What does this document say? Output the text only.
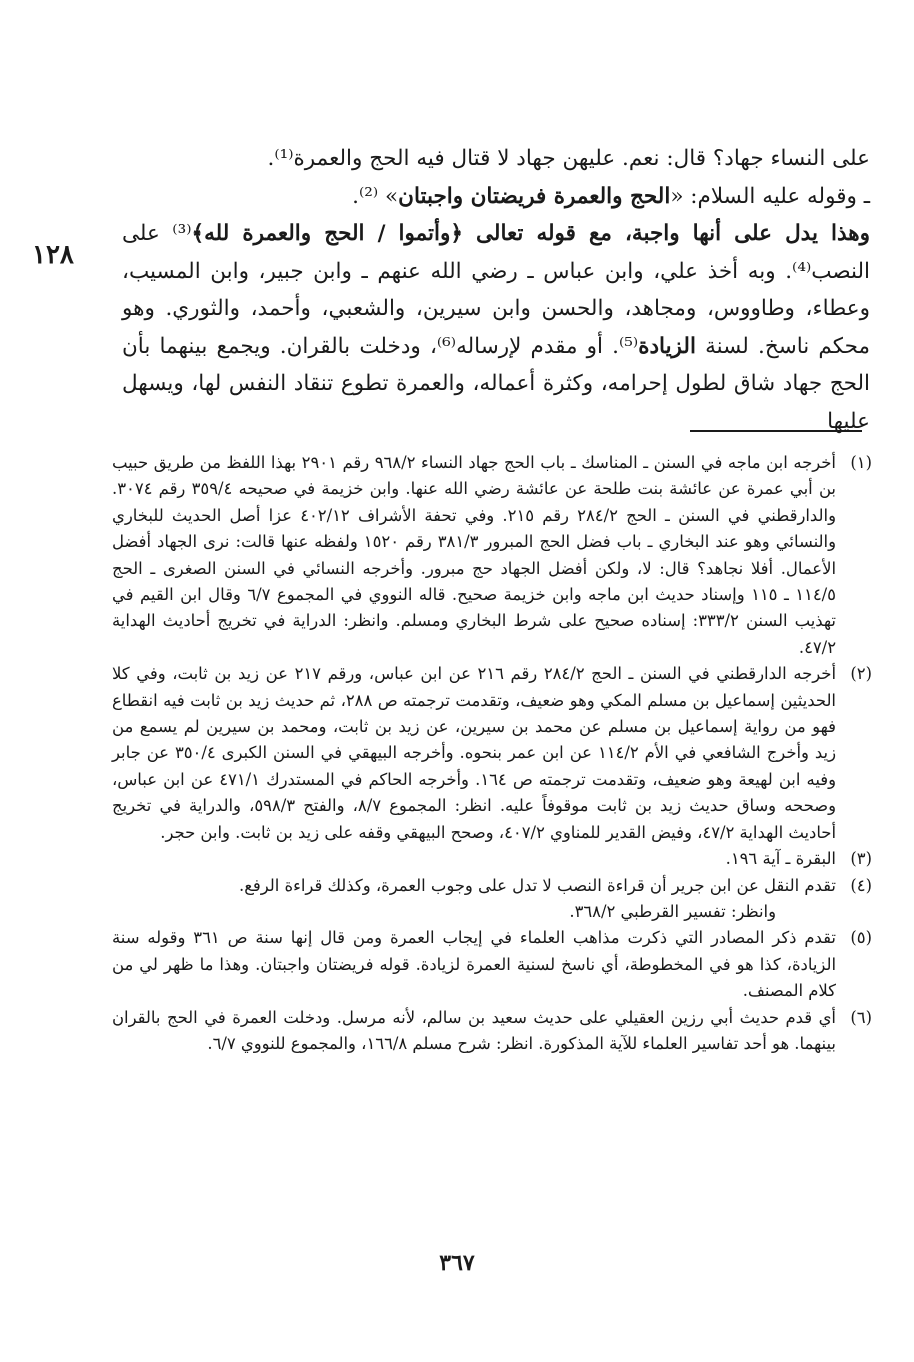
١٢٨

على النساء جهاد؟ قال: نعم. عليهن جهاد لا قتال فيه الحج والعمرة⁽¹⁾.

ـ وقوله عليه السلام: «الحج والعمرة فريضتان واجبتان» ⁽²⁾.

وهذا يدل على أنها واجبة، مع قوله تعالى ﴿وأتموا / الحج والعمرة لله﴾⁽³⁾ على النصب⁽⁴⁾. وبه أخذ علي، وابن عباس ـ رضي الله عنهم ـ وابن جبير، وابن المسيب، وعطاء، وطاووس، ومجاهد، والحسن وابن سيرين، والشعبي، وأحمد، والثوري. وهو محكم ناسخ. لسنة الزيادة⁽⁵⁾. أو مقدم لإرساله⁽⁶⁾، ودخلت بالقران. ويجمع بينهما بأن الحج جهاد شاق لطول إحرامه، وكثرة أعماله، والعمرة تطوع تنقاد النفس لها، ويسهل عليها

(١)
أخرجه ابن ماجه في السنن ـ المناسك ـ باب الحج جهاد النساء ٩٦٨/٢ رقم ٢٩٠١ بهذا اللفظ من طريق حبيب بن أبي عمرة عن عائشة بنت طلحة عن عائشة رضي الله عنها. وابن خزيمة في صحيحه ٣٥٩/٤ رقم ٣٠٧٤. والدارقطني في السنن ـ الحج ٢٨٤/٢ رقم ٢١٥. وفي تحفة الأشراف ٤٠٢/١٢ عزا أصل الحديث للبخاري والنسائي وهو عند البخاري ـ باب فضل الحج المبرور ٣٨١/٣ رقم ١٥٢٠ ولفظه عنها قالت: نرى الجهاد أفضل الأعمال. أفلا نجاهد؟ قال: لا، ولكن أفضل الجهاد حج مبرور. وأخرجه النسائي في السنن الصغرى ـ الحج ١١٤/٥ ـ ١١٥ وإسناد حديث ابن ماجه وابن خزيمة صحيح. قاله النووي في المجموع ٦/٧ وقال ابن القيم في تهذيب السنن ٣٣٣/٢: إسناده صحيح على شرط البخاري ومسلم. وانظر: الدراية في تخريج أحاديث الهداية ٤٧/٢.
(٢)
أخرجه الدارقطني في السنن ـ الحج ٢٨٤/٢ رقم ٢١٦ عن ابن عباس، ورقم ٢١٧ عن زيد بن ثابت، وفي كلا الحديثين إسماعيل بن مسلم المكي وهو ضعيف، وتقدمت ترجمته ص ٢٨٨، ثم حديث زيد بن ثابت فيه انقطاع فهو من رواية إسماعيل بن مسلم عن محمد بن سيرين، عن زيد بن ثابت، ومحمد بن سيرين لم يسمع من زيد وأخرج الشافعي في الأم ١١٤/٢ عن ابن عمر بنحوه. وأخرجه البيهقي في السنن الكبرى ٣٥٠/٤ عن جابر وفيه ابن لهيعة وهو ضعيف، وتقدمت ترجمته ص ١٦٤. وأخرجه الحاكم في المستدرك ٤٧١/١ عن ابن عباس، وصححه وساق حديث زيد بن ثابت موقوفاً عليه. انظر: المجموع ٨/٧، والفتح ٥٩٨/٣، والدراية في تخريج أحاديث الهداية ٤٧/٢، وفيض القدير للمناوي ٤٠٧/٢، وصحح البيهقي وقفه على زيد بن ثابت. وابن حجر.
(٣)
البقرة ـ آية ١٩٦.
(٤)
تقدم النقل عن ابن جرير أن قراءة النصب لا تدل على وجوب العمرة، وكذلك قراءة الرفع.

وانظر: تفسير القرطبي ٣٦٨/٢.

(٥)
تقدم ذكر المصادر التي ذكرت مذاهب العلماء في إيجاب العمرة ومن قال إنها سنة ص ٣٦١ وقوله سنة الزيادة، كذا هو في المخطوطة، أي ناسخ لسنية العمرة لزيادة. قوله فريضتان واجبتان. وهذا ما ظهر لي من كلام المصنف.
(٦)
أي قدم حديث أبي رزين العقيلي على حديث سعيد بن سالم، لأنه مرسل. ودخلت العمرة في الحج بالقران بينهما. هو أحد تفاسير العلماء للآية المذكورة. انظر: شرح مسلم ١٦٦/٨، والمجموع للنووي ٦/٧.
٣٦٧
